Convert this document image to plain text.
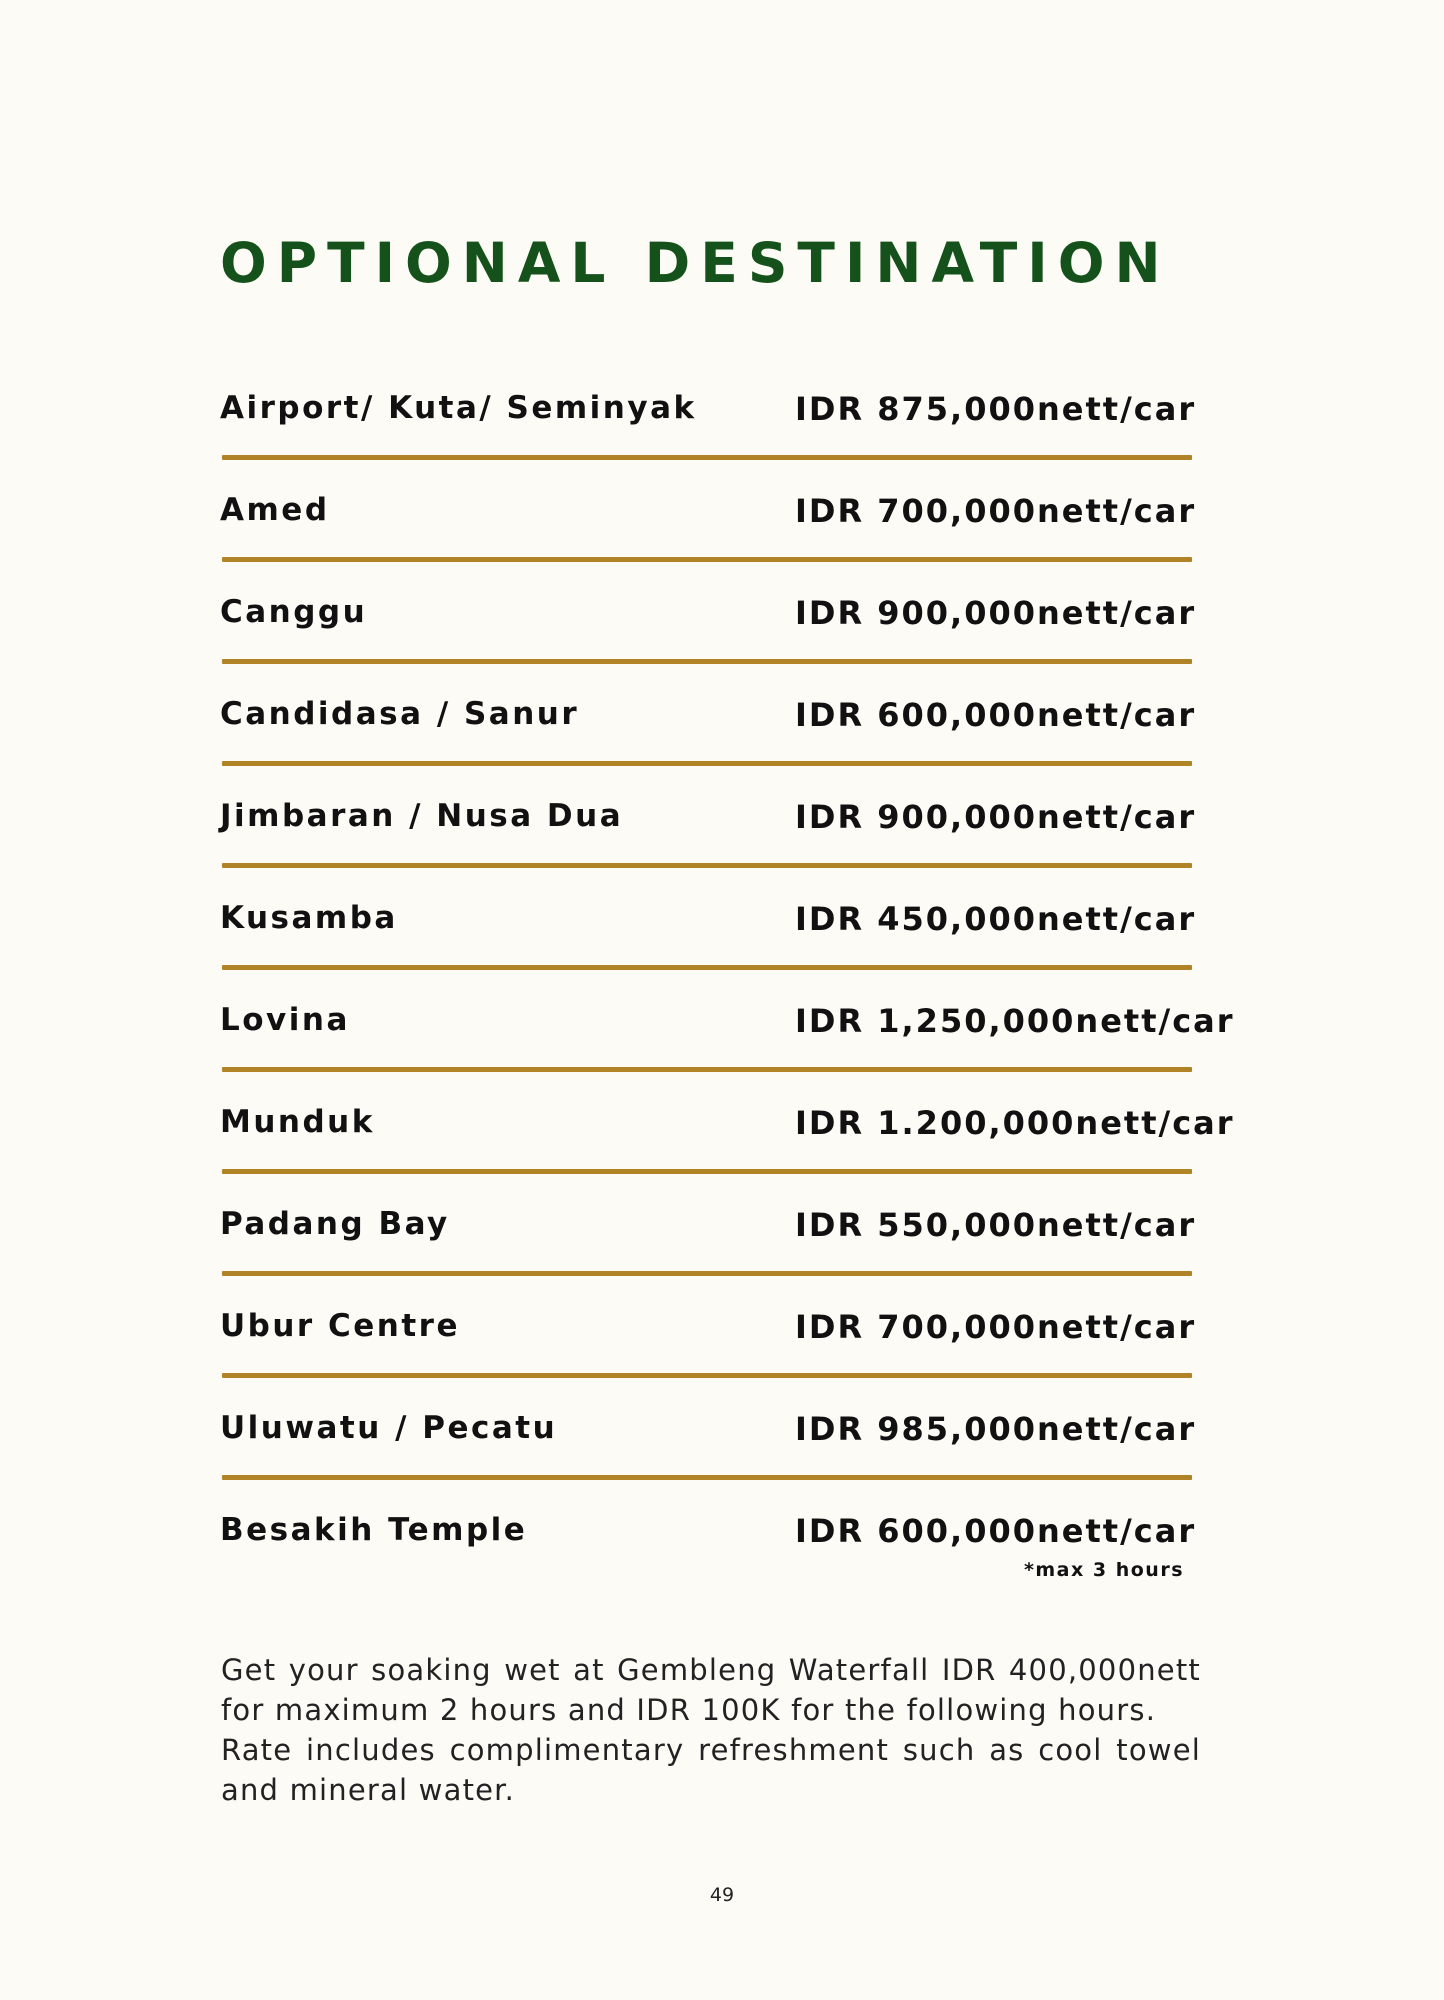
OPTIONAL DESTINATION
Airport/ Kuta/ Seminyak	IDR 875,000nett/car
Amed	IDR 700,000nett/car
Canggu	IDR 900,000nett/car
Candidasa / Sanur	IDR 600,000nett/car
Jimbaran / Nusa Dua	IDR 900,000nett/car
Kusamba	IDR 450,000nett/car
Lovina	IDR 1,250,000nett/car
Munduk	IDR 1.200,000nett/car
Padang Bay	IDR 550,000nett/car
Ubur Centre	IDR 700,000nett/car
Uluwatu / Pecatu	IDR 985,000nett/car
Besakih Temple	IDR 600,000nett/car
*max 3 hours

Get your soaking wet at Gembleng Waterfall IDR 400,000nett for maximum 2 hours and IDR 100K for the following hours.

Rate includes complimentary refreshment such as cool towel and mineral water.

49
